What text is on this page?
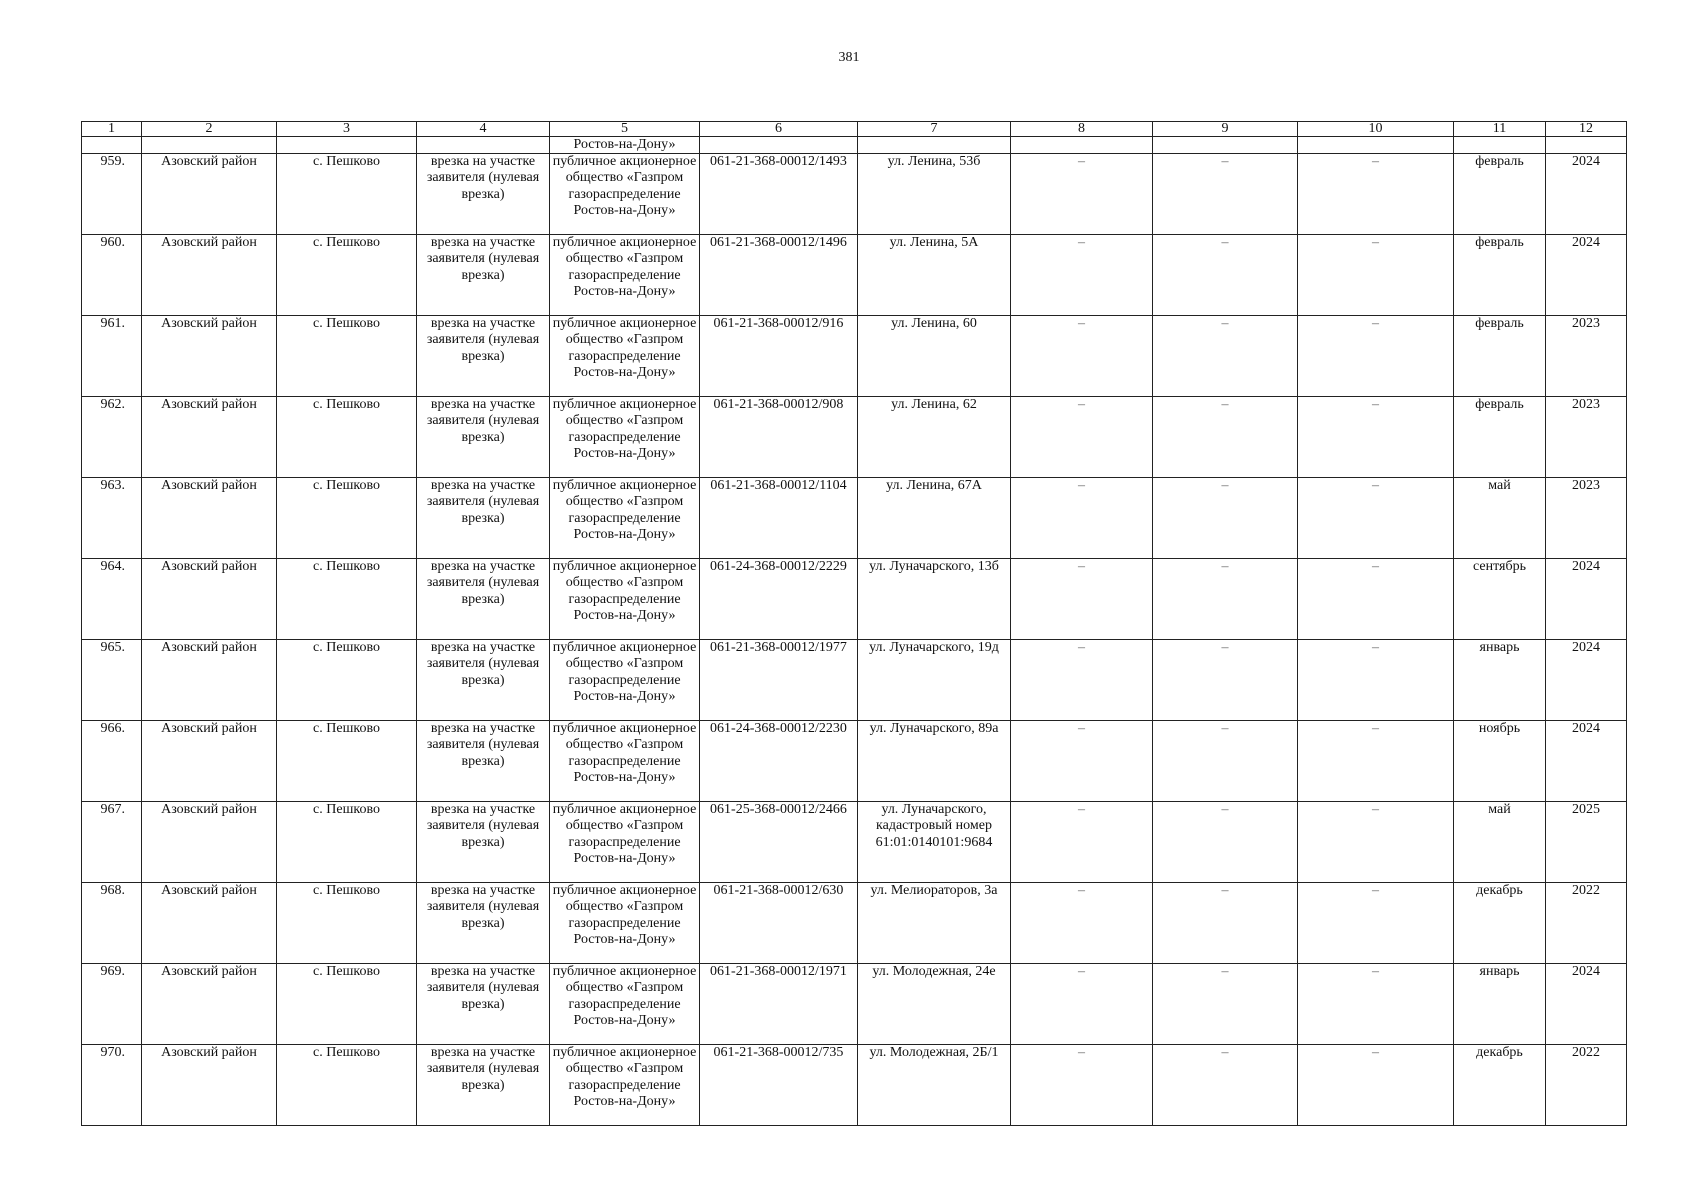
381
1	2	3	4	5	6	7	8	9	10	11	12
				Ростов-на-Дону»							
959.	Азовский район	с. Пешково	врезка на участке заявителя (нулевая врезка)	публичное акционерное общество «Газпром газораспределение Ростов-на-Дону»	061-21-368-00012/1493	ул. Ленина, 53б	–	–	–	февраль	2024
960.	Азовский район	с. Пешково	врезка на участке заявителя (нулевая врезка)	публичное акционерное общество «Газпром газораспределение Ростов-на-Дону»	061-21-368-00012/1496	ул. Ленина, 5А	–	–	–	февраль	2024
961.	Азовский район	с. Пешково	врезка на участке заявителя (нулевая врезка)	публичное акционерное общество «Газпром газораспределение Ростов-на-Дону»	061-21-368-00012/916	ул. Ленина, 60	–	–	–	февраль	2023
962.	Азовский район	с. Пешково	врезка на участке заявителя (нулевая врезка)	публичное акционерное общество «Газпром газораспределение Ростов-на-Дону»	061-21-368-00012/908	ул. Ленина, 62	–	–	–	февраль	2023
963.	Азовский район	с. Пешково	врезка на участке заявителя (нулевая врезка)	публичное акционерное общество «Газпром газораспределение Ростов-на-Дону»	061-21-368-00012/1104	ул. Ленина, 67А	–	–	–	май	2023
964.	Азовский район	с. Пешково	врезка на участке заявителя (нулевая врезка)	публичное акционерное общество «Газпром газораспределение Ростов-на-Дону»	061-24-368-00012/2229	ул. Луначарского, 13б	–	–	–	сентябрь	2024
965.	Азовский район	с. Пешково	врезка на участке заявителя (нулевая врезка)	публичное акционерное общество «Газпром газораспределение Ростов-на-Дону»	061-21-368-00012/1977	ул. Луначарского, 19д	–	–	–	январь	2024
966.	Азовский район	с. Пешково	врезка на участке заявителя (нулевая врезка)	публичное акционерное общество «Газпром газораспределение Ростов-на-Дону»	061-24-368-00012/2230	ул. Луначарского, 89а	–	–	–	ноябрь	2024
967.	Азовский район	с. Пешково	врезка на участке заявителя (нулевая врезка)	публичное акционерное общество «Газпром газораспределение Ростов-на-Дону»	061-25-368-00012/2466	ул. Луначарского, кадастровый номер 61:01:0140101:9684	–	–	–	май	2025
968.	Азовский район	с. Пешково	врезка на участке заявителя (нулевая врезка)	публичное акционерное общество «Газпром газораспределение Ростов-на-Дону»	061-21-368-00012/630	ул. Мелиораторов, 3а	–	–	–	декабрь	2022
969.	Азовский район	с. Пешково	врезка на участке заявителя (нулевая врезка)	публичное акционерное общество «Газпром газораспределение Ростов-на-Дону»	061-21-368-00012/1971	ул. Молодежная, 24е	–	–	–	январь	2024
970.	Азовский район	с. Пешково	врезка на участке заявителя (нулевая врезка)	публичное акционерное общество «Газпром газораспределение Ростов-на-Дону»	061-21-368-00012/735	ул. Молодежная, 2Б/1	–	–	–	декабрь	2022
